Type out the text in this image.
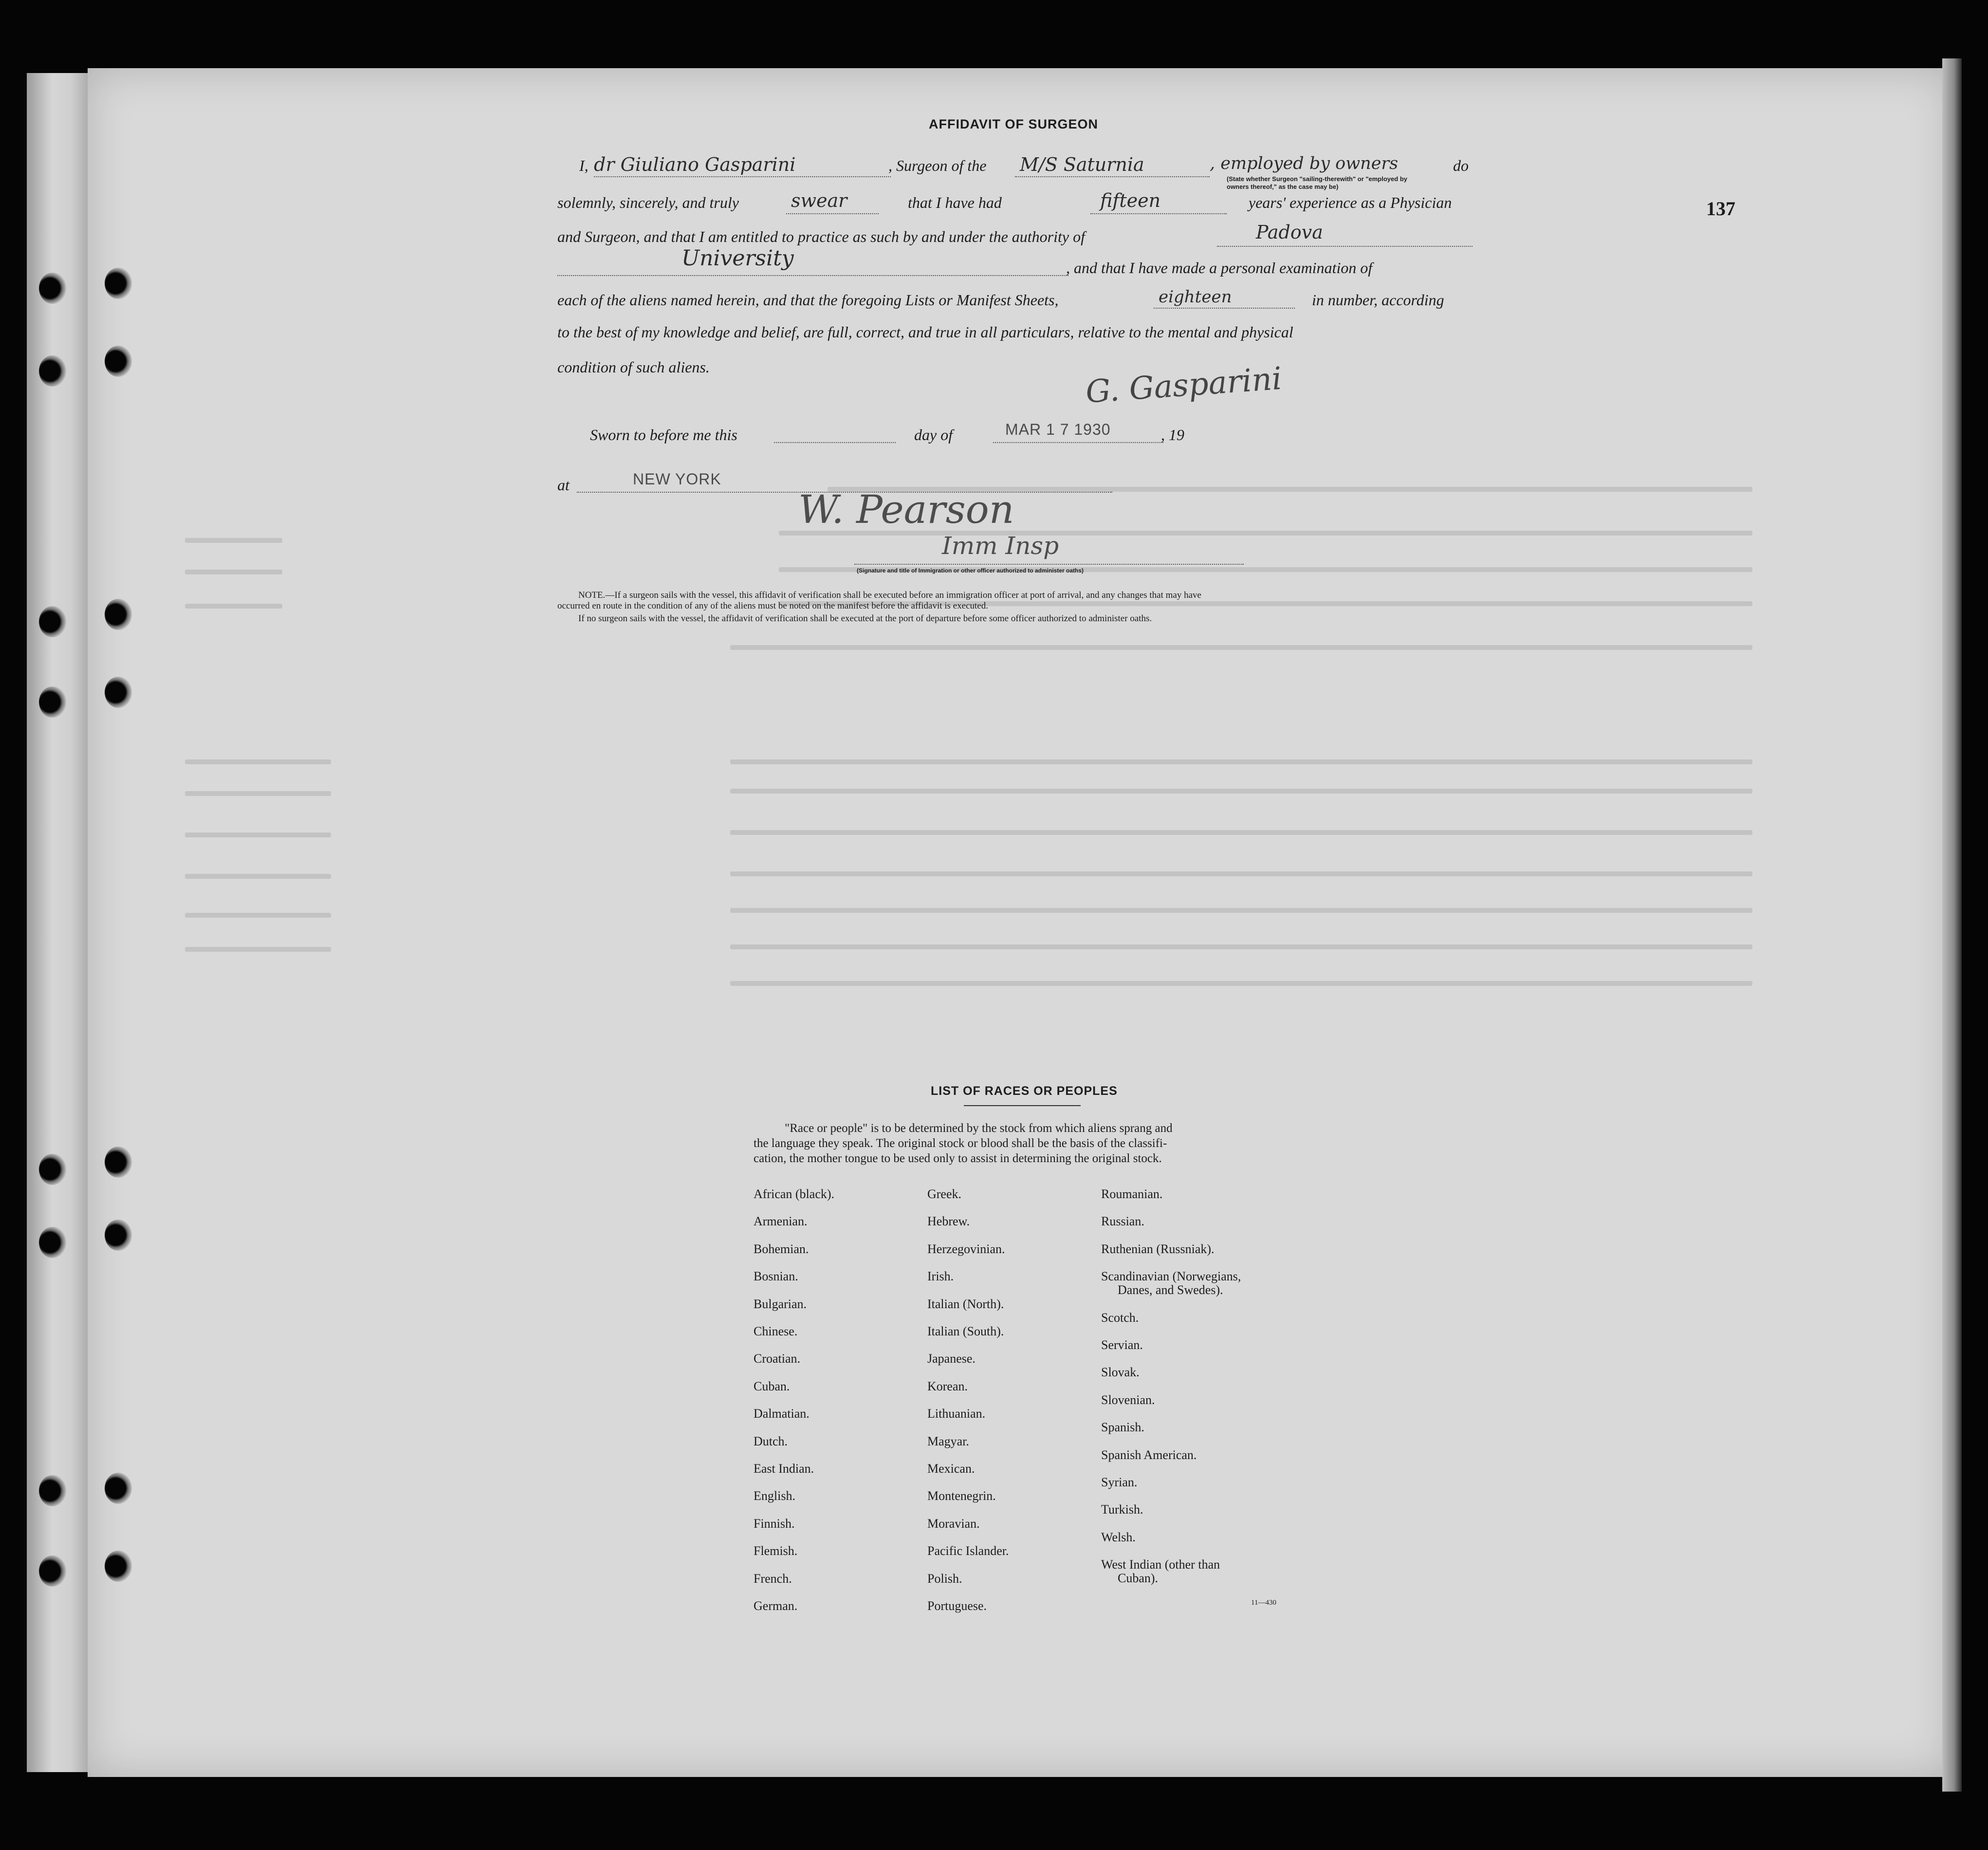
137
AFFIDAVIT OF SURGEON
I, dr Giuliano Gasparini	, Surgeon of the M/S Saturnia	, employed by owners	do
(State whether Surgeon "sailing-therewith" or "employed by
owners thereof," as the case may be)
solemnly, sincerely, and truly	swear	that I have had	fifteen	years' experience as a Physician
and Surgeon, and that I am entitled to practice as such by and under the authority of	Padova
University	, and that I have made a personal examination of
each of the aliens named herein, and that the foregoing Lists or Manifest Sheets,	eighteen	in number, according
to the best of my knowledge and belief, are full, correct, and true in all particulars, relative to the mental and physical
condition of such aliens.	G. Gasparini
Sworn to before me this	day of	MAR 1 7 1930	, 19
at	NEW YORK
W. Pearson
Imm Insp
(Signature and title of Immigration or other officer authorized to administer oaths)
NOTE.—If a surgeon sails with the vessel, this affidavit of verification shall be executed before an immigration officer at port of arrival, and any changes that may have
occurred en route in the condition of any of the aliens must be noted on the manifest before the affidavit is executed.
If no surgeon sails with the vessel, the affidavit of verification shall be executed at the port of departure before some officer authorized to administer oaths.
LIST OF RACES OR PEOPLES
"Race or people" is to be determined by the stock from which aliens sprang and
the language they speak. The original stock or blood shall be the basis of the classifi-
cation, the mother tongue to be used only to assist in determining the original stock.
African (black).
Armenian.
Bohemian.
Bosnian.
Bulgarian.
Chinese.
Croatian.
Cuban.
Dalmatian.
Dutch.
East Indian.
English.
Finnish.
Flemish.
French.
German.
Greek.
Hebrew.
Herzegovinian.
Irish.
Italian (North).
Italian (South).
Japanese.
Korean.
Lithuanian.
Magyar.
Mexican.
Montenegrin.
Moravian.
Pacific Islander.
Polish.
Portuguese.
Roumanian.
Russian.
Ruthenian (Russniak).
Scandinavian (Norwegians,
Danes, and Swedes).
Scotch.
Servian.
Slovak.
Slovenian.
Spanish.
Spanish American.
Syrian.
Turkish.
Welsh.
West Indian (other than
Cuban).
11—430
